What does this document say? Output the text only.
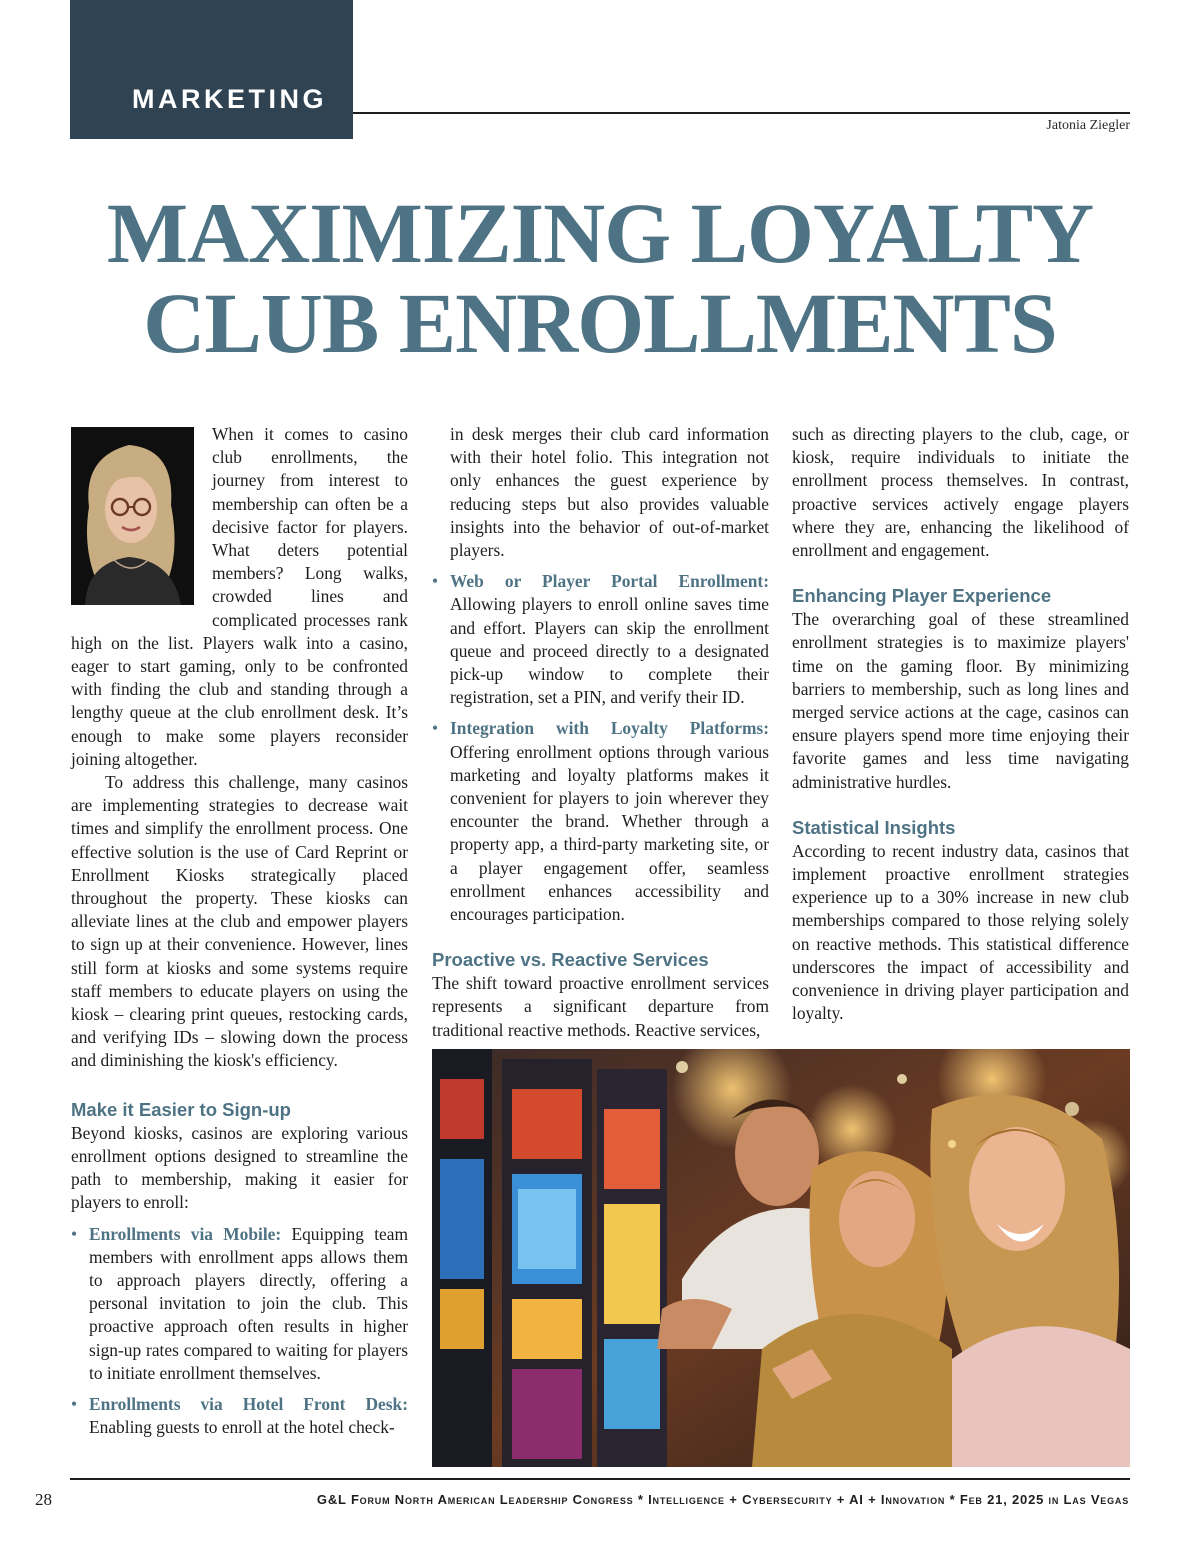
MARKETING
Jatonia Ziegler
MAXIMIZING LOYALTY
CLUB ENROLLMENTS

When it comes to casino club enrollments, the journey from interest to membership can often be a decisive factor for players. What deters potential members? Long walks, crowded lines and complicated processes rank high on the list. Players walk into a casino, eager to start gaming, only to be confronted with finding the club and standing through a lengthy queue at the club enrollment desk. It’s enough to make some players reconsider joining altogether.

To address this challenge, many casinos are implementing strategies to decrease wait times and simplify the enrollment process. One effective solution is the use of Card Reprint or Enrollment Kiosks strategically placed throughout the property. These kiosks can alleviate lines at the club and empower players to sign up at their convenience. However, lines still form at kiosks and some systems require staff members to educate players on using the kiosk – clearing print queues, restocking cards, and verifying IDs – slowing down the process and diminishing the kiosk's efficiency.

Make it Easier to Sign-up

Beyond kiosks, casinos are exploring various enrollment options designed to streamline the path to membership, making it easier for players to enroll:

• Enrollments via Mobile: Equipping team members with enrollment apps allows them to approach players directly, offering a personal invitation to join the club. This proactive approach often results in higher sign-up rates compared to waiting for players to initiate enrollment themselves.

• Enrollments via Hotel Front Desk: Enabling guests to enroll at the hotel check-

in desk merges their club card information with their hotel folio. This integration not only enhances the guest experience by reducing steps but also provides valuable insights into the behavior of out-of-market players.

• Web or Player Portal Enrollment: Allowing players to enroll online saves time and effort. Players can skip the enrollment queue and proceed directly to a designated pick-up window to complete their registration, set a PIN, and verify their ID.

• Integration with Loyalty Platforms: Offering enrollment options through various marketing and loyalty platforms makes it convenient for players to join wherever they encounter the brand. Whether through a property app, a third-party marketing site, or a player engagement offer, seamless enrollment enhances accessibility and encourages participation.

Proactive vs. Reactive Services

The shift toward proactive enrollment services represents a significant departure from traditional reactive methods. Reactive services,

such as directing players to the club, cage, or kiosk, require individuals to initiate the enrollment process themselves. In contrast, proactive services actively engage players where they are, enhancing the likelihood of enrollment and engagement.

Enhancing Player Experience

The overarching goal of these streamlined enrollment strategies is to maximize players' time on the gaming floor. By minimizing barriers to membership, such as long lines and merged service actions at the cage, casinos can ensure players spend more time enjoying their favorite games and less time navigating administrative hurdles.

Statistical Insights

According to recent industry data, casinos that implement proactive enrollment strategies experience up to a 30% increase in new club memberships compared to those relying solely on reactive methods. This statistical difference underscores the impact of accessibility and convenience in driving player participation and loyalty.

28	G&L Forum North American Leadership Congress * Intelligence + Cybersecurity + AI + Innovation * Feb 21, 2025 in Las Vegas
